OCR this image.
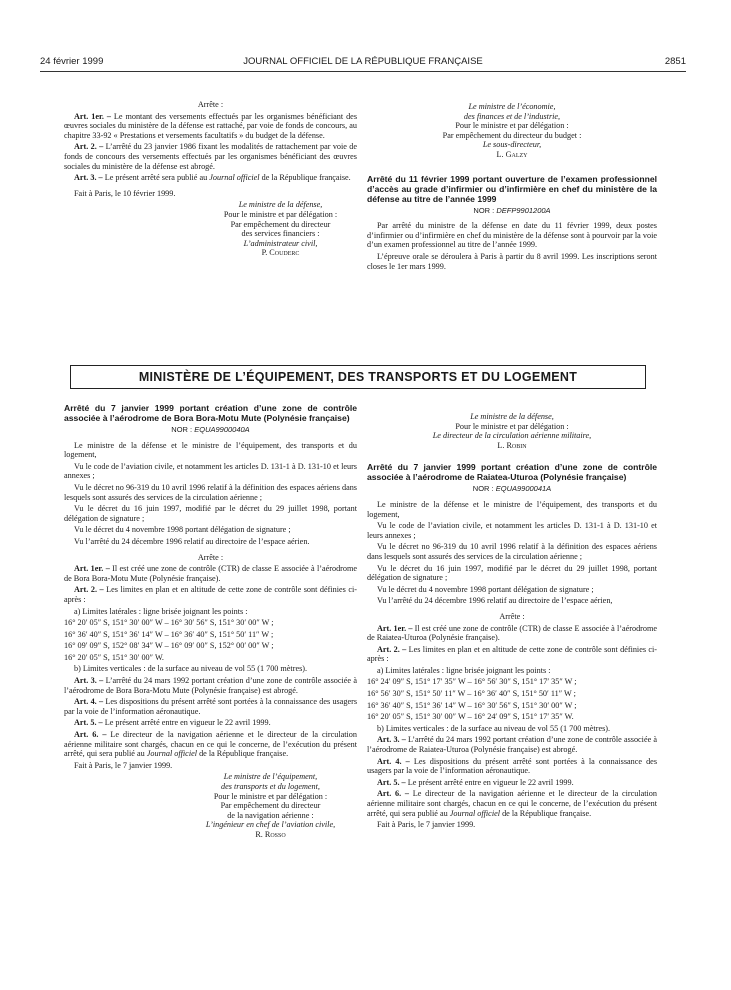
24 février 1999	JOURNAL OFFICIEL DE LA RÉPUBLIQUE FRANÇAISE	2851

Arrête :

Art. 1er. – Le montant des versements effectués par les organismes bénéficiant des œuvres sociales du ministère de la défense est rattaché, par voie de fonds de concours, au chapitre 33-92 « Prestations et versements facultatifs » du budget de la défense.

Art. 2. – L’arrêté du 23 janvier 1986 fixant les modalités de rattachement par voie de fonds de concours des versements effectués par les organismes bénéficiant des œuvres sociales du ministère de la défense est abrogé.

Art. 3. – Le présent arrêté sera publié au Journal officiel de la République française.

Fait à Paris, le 10 février 1999.

Le ministre de la défense,
Pour le ministre et par délégation :
Par empêchement du directeur
des services financiers :
L’administrateur civil,
P. Couderc
Le ministre de l’économie,
des finances et de l’industrie,
Pour le ministre et par délégation :
Par empêchement du directeur du budget :
Le sous-directeur,
L. Galzy
Arrêté du 11 février 1999 portant ouverture de l’examen professionnel d’accès au grade d’infirmier ou d’infirmière en chef du ministère de la défense au titre de l’année 1999
NOR : DEFP9901200A

Par arrêté du ministre de la défense en date du 11 février 1999, deux postes d’infirmier ou d’infirmière en chef du ministère de la défense sont à pourvoir par la voie d’un examen professionnel au titre de l’année 1999.

L’épreuve orale se déroulera à Paris à partir du 8 avril 1999. Les inscriptions seront closes le 1er mars 1999.

MINISTÈRE DE L’ÉQUIPEMENT, DES TRANSPORTS ET DU LOGEMENT
Arrêté du 7 janvier 1999 portant création d’une zone de contrôle associée à l’aérodrome de Bora Bora-Motu Mute (Polynésie française)
NOR : EQUA9900040A

Le ministre de la défense et le ministre de l’équipement, des transports et du logement,

Vu le code de l’aviation civile, et notamment les articles D. 131-1 à D. 131-10 et leurs annexes ;

Vu le décret no 96-319 du 10 avril 1996 relatif à la définition des espaces aériens dans lesquels sont assurés des services de la circulation aérienne ;

Vu le décret du 16 juin 1997, modifié par le décret du 29 juillet 1998, portant délégation de signature ;

Vu le décret du 4 novembre 1998 portant délégation de signature ;

Vu l’arrêté du 24 décembre 1996 relatif au directoire de l’espace aérien.

Arrête :

Art. 1er. – Il est créé une zone de contrôle (CTR) de classe E associée à l’aérodrome de Bora Bora-Motu Mute (Polynésie française).

Art. 2. – Les limites en plan et en altitude de cette zone de contrôle sont définies ci-après :

a) Limites latérales : ligne brisée joignant les points :

16° 20′ 05″ S, 151° 30′ 00″ W – 16° 30′ 56″ S, 151° 30′ 00″ W ;

16° 36′ 40″ S, 151° 36′ 14″ W – 16° 36′ 40″ S, 151° 50′ 11″ W ;

16° 09′ 09″ S, 152° 08′ 34″ W – 16° 09′ 00″ S, 152° 00′ 00″ W ;

16° 20′ 05″ S, 151° 30′ 00″ W.

b) Limites verticales : de la surface au niveau de vol 55 (1 700 mètres).

Art. 3. – L’arrêté du 24 mars 1992 portant création d’une zone de contrôle associée à l’aérodrome de Bora Bora-Motu Mute (Polynésie française) est abrogé.

Art. 4. – Les dispositions du présent arrêté sont portées à la connaissance des usagers par la voie de l’information aéronautique.

Art. 5. – Le présent arrêté entre en vigueur le 22 avril 1999.

Art. 6. – Le directeur de la navigation aérienne et le directeur de la circulation aérienne militaire sont chargés, chacun en ce qui le concerne, de l’exécution du présent arrêté, qui sera publié au Journal officiel de la République française.

Fait à Paris, le 7 janvier 1999.

Le ministre de l’équipement,
des transports et du logement,
Pour le ministre et par délégation :
Par empêchement du directeur
de la navigation aérienne :
L’ingénieur en chef de l’aviation civile,
R. Rosso
Le ministre de la défense,
Pour le ministre et par délégation :
Le directeur de la circulation aérienne militaire,
L. Robin
Arrêté du 7 janvier 1999 portant création d’une zone de contrôle associée à l’aérodrome de Raiatea-Uturoa (Polynésie française)
NOR : EQUA9900041A

Le ministre de la défense et le ministre de l’équipement, des transports et du logement,

Vu le code de l’aviation civile, et notamment les articles D. 131-1 à D. 131-10 et leurs annexes ;

Vu le décret no 96-319 du 10 avril 1996 relatif à la définition des espaces aériens dans lesquels sont assurés des services de la circulation aérienne ;

Vu le décret du 16 juin 1997, modifié par le décret du 29 juillet 1998, portant délégation de signature ;

Vu le décret du 4 novembre 1998 portant délégation de signature ;

Vu l’arrêté du 24 décembre 1996 relatif au directoire de l’espace aérien,

Arrête :

Art. 1er. – Il est créé une zone de contrôle (CTR) de classe E associée à l’aérodrome de Raiatea-Uturoa (Polynésie française).

Art. 2. – Les limites en plan et en altitude de cette zone de contrôle sont définies ci-après :

a) Limites latérales : ligne brisée joignant les points :

16° 24′ 09″ S, 151° 17′ 35″ W – 16° 56′ 30″ S, 151° 17′ 35″ W ;

16° 56′ 30″ S, 151° 50′ 11″ W – 16° 36′ 40″ S, 151° 50′ 11″ W ;

16° 36′ 40″ S, 151° 36′ 14″ W – 16° 30′ 56″ S, 151° 30′ 00″ W ;

16° 20′ 05″ S, 151° 30′ 00″ W – 16° 24′ 09″ S, 151° 17′ 35″ W.

b) Limites verticales : de la surface au niveau de vol 55 (1 700 mètres).

Art. 3. – L’arrêté du 24 mars 1992 portant création d’une zone de contrôle associée à l’aérodrome de Raiatea-Uturoa (Polynésie française) est abrogé.

Art. 4. – Les dispositions du présent arrêté sont portées à la connaissance des usagers par la voie de l’information aéronautique.

Art. 5. – Le présent arrêté entre en vigueur le 22 avril 1999.

Art. 6. – Le directeur de la navigation aérienne et le directeur de la circulation aérienne militaire sont chargés, chacun en ce qui le concerne, de l’exécution du présent arrêté, qui sera publié au Journal officiel de la République française.

Fait à Paris, le 7 janvier 1999.
